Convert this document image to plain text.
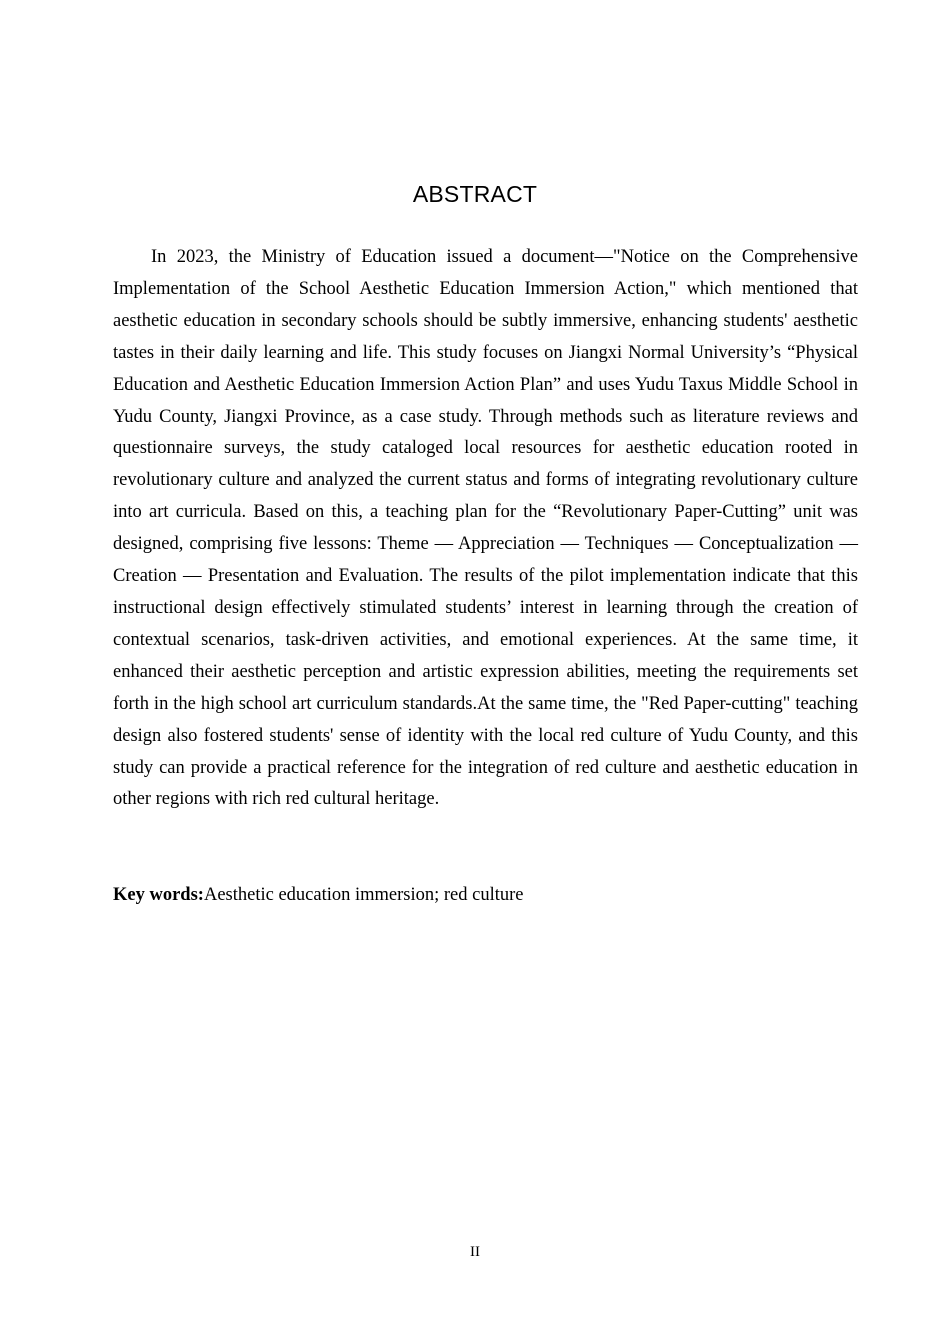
ABSTRACT

In 2023, the Ministry of Education issued a document—"Notice on the Comprehensive Implementation of the School Aesthetic Education Immersion Action," which mentioned that aesthetic education in secondary schools should be subtly immersive, enhancing students' aesthetic tastes in their daily learning and life. This study focuses on Jiangxi Normal University’s “Physical Education and Aesthetic Education Immersion Action Plan” and uses Yudu Taxus Middle School in Yudu County, Jiangxi Province, as a case study. Through methods such as literature reviews and questionnaire surveys, the study cataloged local resources for aesthetic education rooted in revolutionary culture and analyzed the current status and forms of integrating revolutionary culture into art curricula. Based on this, a teaching plan for the “Revolutionary Paper-Cutting” unit was designed, comprising five lessons: Theme — Appreciation — Techniques — Conceptualization — Creation — Presentation and Evaluation. The results of the pilot implementation indicate that this instructional design effectively stimulated students’ interest in learning through the creation of contextual scenarios, task-driven activities, and emotional experiences. At the same time, it enhanced their aesthetic perception and artistic expression abilities, meeting the requirements set forth in the high school art curriculum standards.At the same time, the "Red Paper-cutting" teaching design also fostered students' sense of identity with the local red culture of Yudu County, and this study can provide a practical reference for the integration of red culture and aesthetic education in other regions with rich red cultural heritage.

Key words:Aesthetic education immersion; red culture

II
